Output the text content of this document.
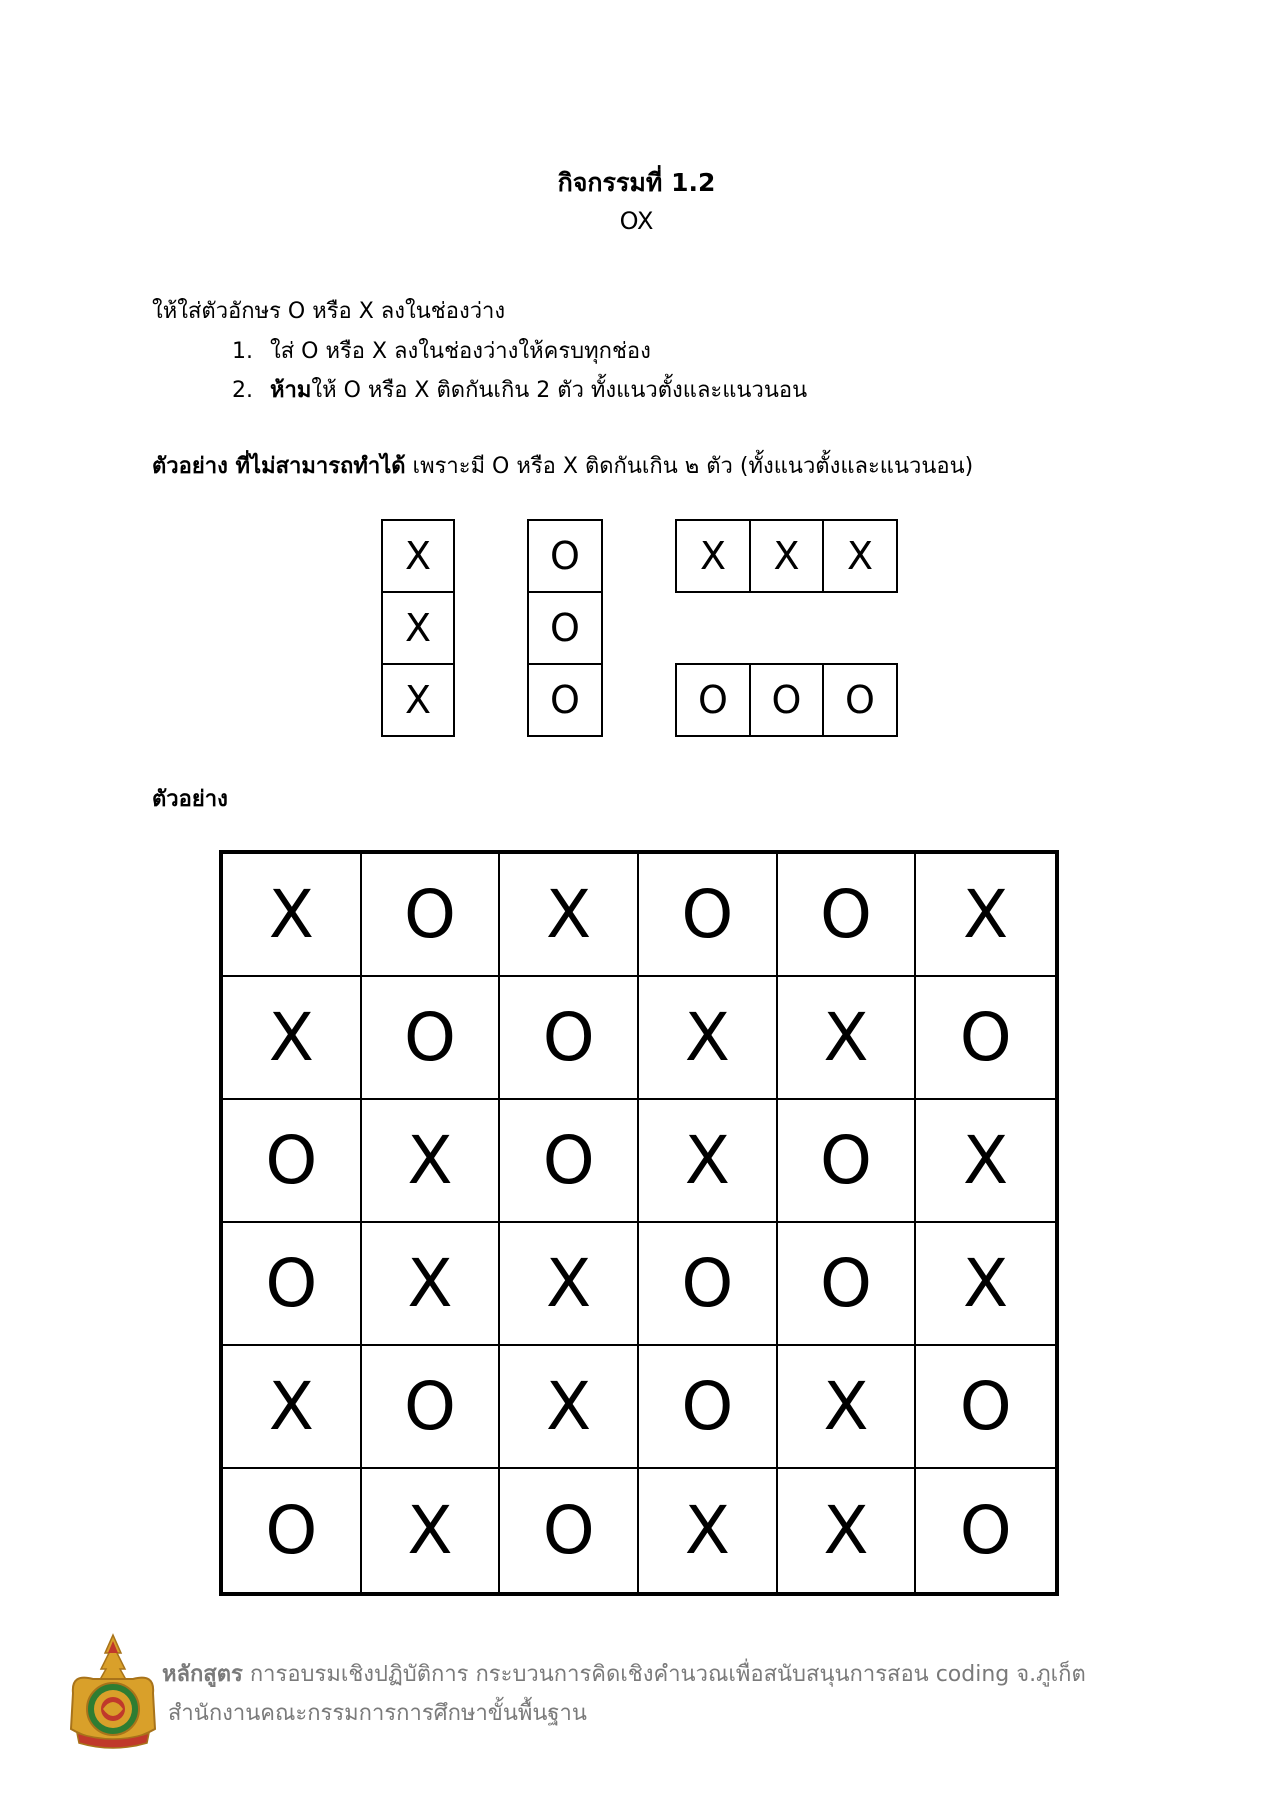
กิจกรรมที่ 1.2
OX
ให้ใส่ตัวอักษร O หรือ X ลงในช่องว่าง
1. ใส่ O หรือ X ลงในช่องว่างให้ครบทุกช่อง
2. ห้ามให้ O หรือ X ติดกันเกิน 2 ตัว ทั้งแนวตั้งและแนวนอน
ตัวอย่าง ที่ไม่สามารถทำได้ เพราะมี O หรือ X ติดกันเกิน ๒ ตัว (ทั้งแนวตั้งและแนวนอน)
X
X
X
O
O
O
X	X	X
O	O	O
ตัวอย่าง
X	O	X	O	O	X
X	O	O	X	X	O
O	X	O	X	O	X
O	X	X	O	O	X
X	O	X	O	X	O
O	X	O	X	X	O
หลักสูตร การอบรมเชิงปฏิบัติการ กระบวนการคิดเชิงคำนวณเพื่อสนับสนุนการสอน coding จ.ภูเก็ต
สำนักงานคณะกรรมการการศึกษาขั้นพื้นฐาน
